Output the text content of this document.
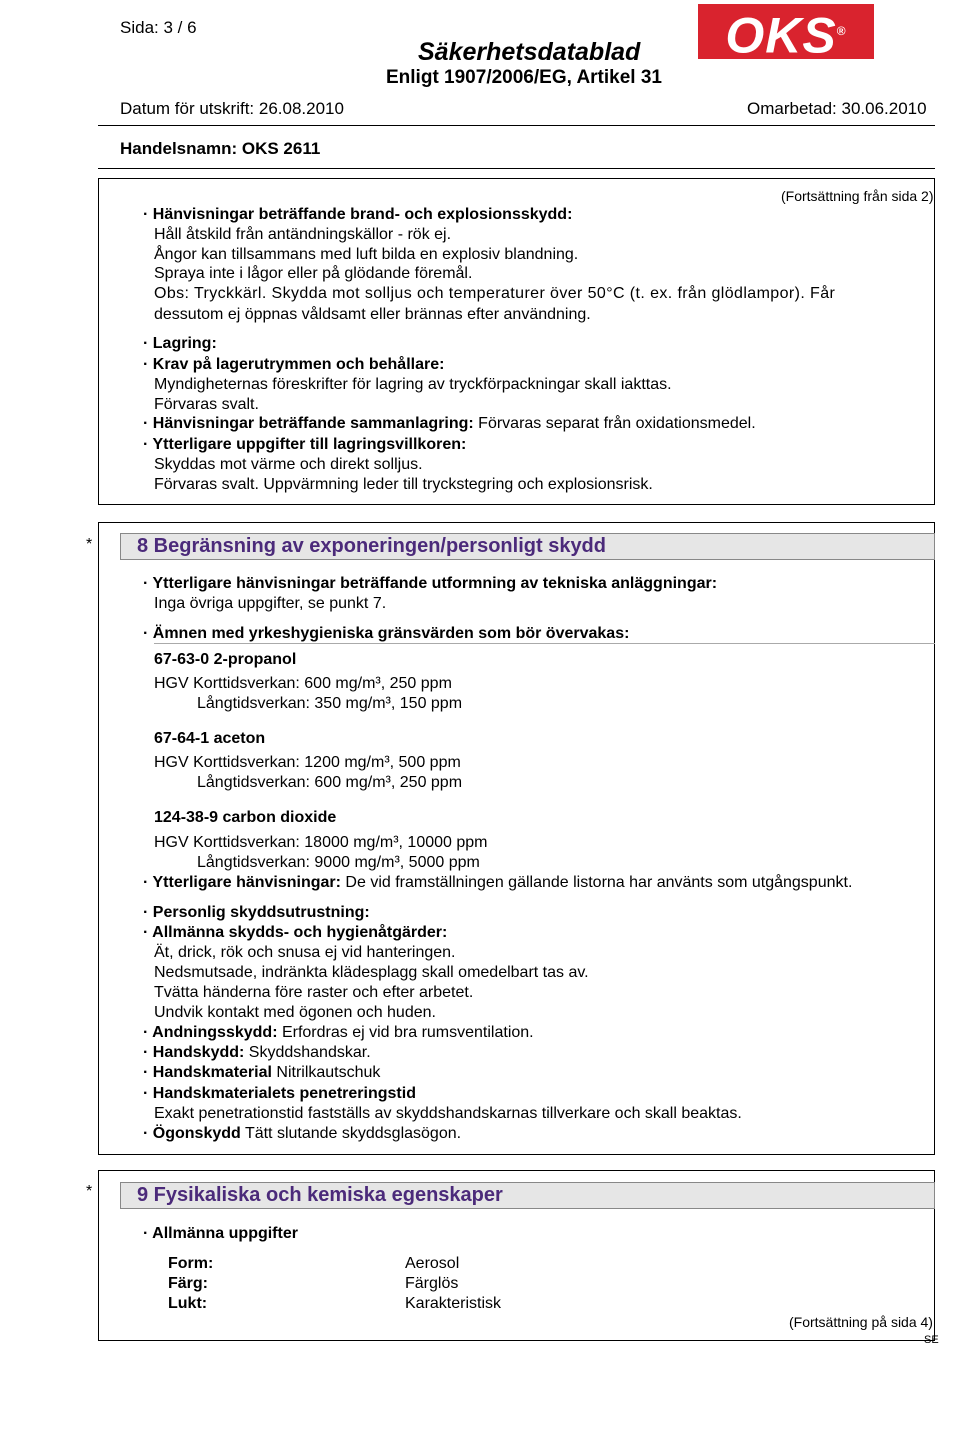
Sida: 3 / 6
Säkerhetsdatablad
Enligt 1907/2006/EG, Artikel 31
OKS®
Datum för utskrift: 26.08.2010	Omarbetad: 30.06.2010
Handelsnamn: OKS 2611
(Fortsättning från sida 2)
· Hänvisningar beträffande brand- och explosionsskydd:
Håll åtskild från antändningskällor - rök ej.
Ångor kan tillsammans med luft bilda en explosiv blandning.
Spraya inte i lågor eller på glödande föremål.
Obs: Tryckkärl. Skydda mot solljus och temperaturer över 50°C (t. ex. från glödlampor). Får
dessutom ej öppnas våldsamt eller brännas efter användning.
· Lagring:
· Krav på lagerutrymmen och behållare:
Myndigheternas föreskrifter för lagring av tryckförpackningar skall iakttas.
Förvaras svalt.
· Hänvisningar beträffande sammanlagring: Förvaras separat från oxidationsmedel.
· Ytterligare uppgifter till lagringsvillkoren:
Skyddas mot värme och direkt solljus.
Förvaras svalt. Uppvärmning leder till tryckstegring och explosionsrisk.
*	8 Begränsning av exponeringen/personligt skydd
· Ytterligare hänvisningar beträffande utformning av tekniska anläggningar:
Inga övriga uppgifter, se punkt 7.
· Ämnen med yrkeshygieniska gränsvärden som bör övervakas:
67-63-0 2-propanol
HGV Korttidsverkan: 600 mg/m³, 250 ppm
Långtidsverkan: 350 mg/m³, 150 ppm
67-64-1 aceton
HGV Korttidsverkan: 1200 mg/m³, 500 ppm
Långtidsverkan: 600 mg/m³, 250 ppm
124-38-9 carbon dioxide
HGV Korttidsverkan: 18000 mg/m³, 10000 ppm
Långtidsverkan: 9000 mg/m³, 5000 ppm
· Ytterligare hänvisningar: De vid framställningen gällande listorna har använts som utgångspunkt.
· Personlig skyddsutrustning:
· Allmänna skydds- och hygienåtgärder:
Ät, drick, rök och snusa ej vid hanteringen.
Nedsmutsade, indränkta klädesplagg skall omedelbart tas av.
Tvätta händerna före raster och efter arbetet.
Undvik kontakt med ögonen och huden.
· Andningsskydd: Erfordras ej vid bra rumsventilation.
· Handskydd: Skyddshandskar.
· Handskmaterial Nitrilkautschuk
· Handskmaterialets penetreringstid
Exakt penetrationstid fastställs av skyddshandskarnas tillverkare och skall beaktas.
· Ögonskydd Tätt slutande skyddsglasögon.
*	9 Fysikaliska och kemiska egenskaper
· Allmänna uppgifter
Form:	Aerosol
Färg:	Färglös
Lukt:	Karakteristisk
(Fortsättning på sida 4)
SE
